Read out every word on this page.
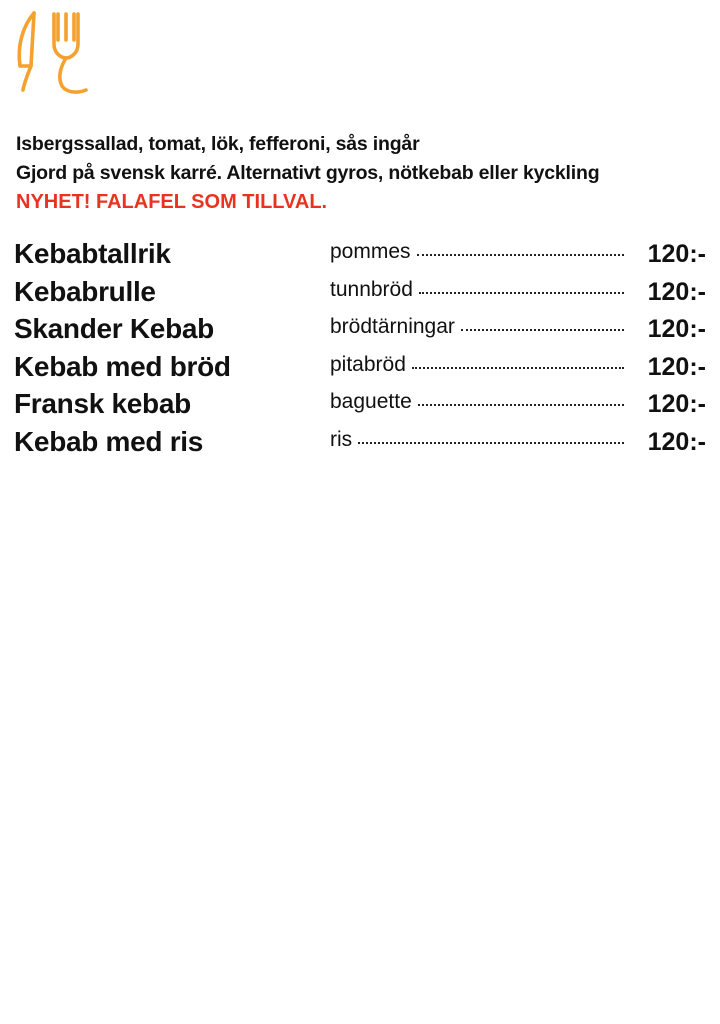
Isbergssallad, tomat, lök, fefferoni, sås ingår
Gjord på svensk karré. Alternativt gyros, nötkebab eller kyckling
NYHET! FALAFEL SOM TILLVAL.
Kebabtallrik	pommes	120:-
Kebabrulle	tunnbröd	120:-
Skander Kebab	brödtärningar	120:-
Kebab med bröd	pitabröd	120:-
Fransk kebab	baguette	120:-
Kebab med ris	ris	120:-
